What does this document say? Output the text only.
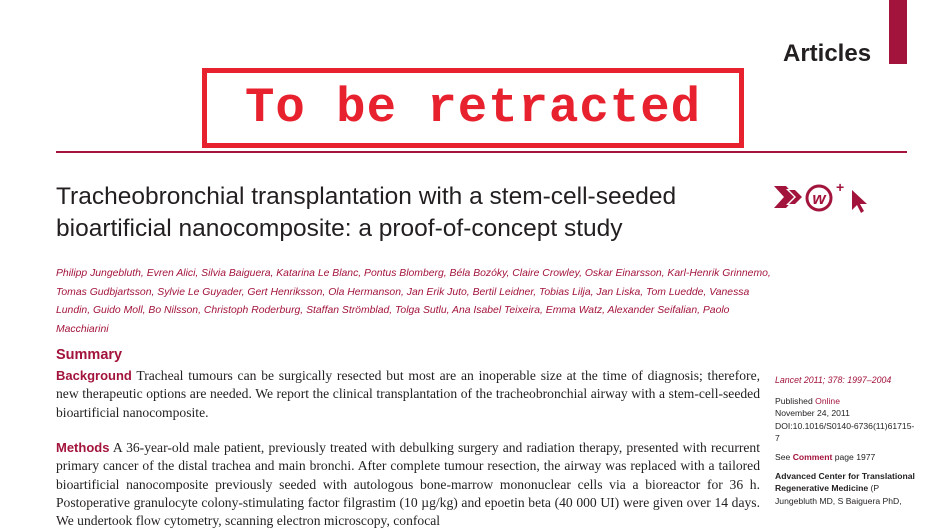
Articles
To be retracted
Tracheobronchial transplantation with a stem-cell-seeded bioartificial nanocomposite: a proof-of-concept study
w
+

Philipp Jungebluth, Evren Alici, Silvia Baiguera, Katarina Le Blanc, Pontus Blomberg, Béla Bozóky, Claire Crowley, Oskar Einarsson, Karl-Henrik Grinnemo, Tomas Gudbjartsson, Sylvie Le Guyader, Gert Henriksson, Ola Hermanson, Jan Erik Juto, Bertil Leidner, Tobias Lilja, Jan Liska, Tom Luedde, Vanessa Lundin, Guido Moll, Bo Nilsson, Christoph Roderburg, Staffan Strömblad, Tolga Sutlu, Ana Isabel Teixeira, Emma Watz, Alexander Seifalian, Paolo Macchiarini

Summary

Background Tracheal tumours can be surgically resected but most are an inoperable size at the time of diagnosis; therefore, new therapeutic options are needed. We report the clinical transplantation of the tracheobronchial airway with a stem-cell-seeded bioartificial nanocomposite.

Methods A 36-year-old male patient, previously treated with debulking surgery and radiation therapy, presented with recurrent primary cancer of the distal trachea and main bronchi. After complete tumour resection, the airway was replaced with a tailored bioartificial nanocomposite previously seeded with autologous bone-marrow mononuclear cells via a bioreactor for 36 h. Postoperative granulocyte colony-stimulating factor filgrastim (10 µg/kg) and epoetin beta (40 000 UI) were given over 14 days. We undertook flow cytometry, scanning electron microscopy, confocal

Lancet 2011; 378: 1997–2004
Published Online
November 24, 2011
DOI:10.1016/S0140-6736(11)61715-7
See Comment page 1977
Advanced Center for Translational Regenerative Medicine (P Jungebluth MD, S Baiguera PhD,
